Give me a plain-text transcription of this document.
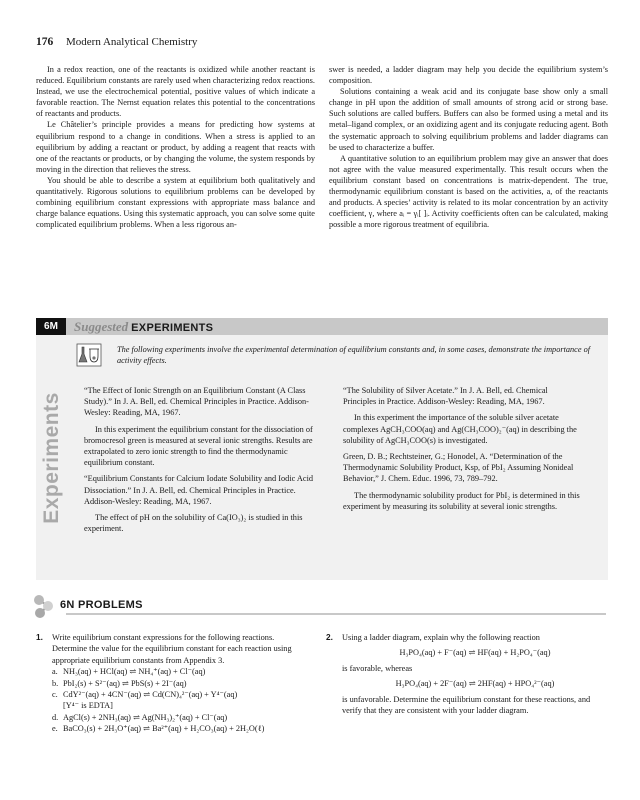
176 Modern Analytical Chemistry

In a redox reaction, one of the reactants is oxidized while another reactant is reduced. Equilibrium constants are rarely used when characterizing redox reactions. Instead, we use the electrochemical potential, positive values of which indicate a favorable reaction. The Nernst equation relates this potential to the concentrations of reactants and products.

Le Châtelier’s principle provides a means for predicting how systems at equilibrium respond to a change in conditions. When a stress is applied to an equilibrium by adding a reactant or product, by adding a reagent that reacts with one of the reactants or products, or by changing the volume, the system responds by moving in the direction that relieves the stress.

You should be able to describe a system at equilibrium both qualitatively and quantitatively. Rigorous solutions to equilibrium problems can be developed by combining equilibrium constant expressions with appropriate mass balance and charge balance equations. Using this systematic approach, you can solve some quite complicated equilibrium problems. When a less rigorous an-

swer is needed, a ladder diagram may help you decide the equilibrium system’s composition.

Solutions containing a weak acid and its conjugate base show only a small change in pH upon the addition of small amounts of strong acid or strong base. Such solutions are called buffers. Buffers can also be formed using a metal and its metal–ligand complex, or an oxidizing agent and its conjugate reducing agent. Both the systematic approach to solving equilibrium problems and ladder diagrams can be used to characterize a buffer.

A quantitative solution to an equilibrium problem may give an answer that does not agree with the value measured experimentally. This result occurs when the equilibrium constant based on concentrations is matrix-dependent. The true, thermodynamic equilibrium constant is based on the activities, a, of the reactants and products. A species’ activity is related to its molar concentration by an activity coefficient, γ, where aᵢ = γᵢ[ ]ᵢ. Activity coefficients often can be calculated, making possible a more rigorous treatment of equilibria.

6M	Suggested EXPERIMENTS
Experiments
The following experiments involve the experimental determination of equilibrium constants and, in some cases, demonstrate the importance of activity effects.

“The Effect of Ionic Strength on an Equilibrium Constant (A Class Study).” In J. A. Bell, ed. Chemical Principles in Practice. Addison-Wesley: Reading, MA, 1967.

In this experiment the equilibrium constant for the dissociation of bromocresol green is measured at several ionic strengths. Results are extrapolated to zero ionic strength to find the thermodynamic equilibrium constant.

“Equilibrium Constants for Calcium Iodate Solubility and Iodic Acid Dissociation.” In J. A. Bell, ed. Chemical Principles in Practice. Addison-Wesley: Reading, MA, 1967.

The effect of pH on the solubility of Ca(IO₃)₂ is studied in this experiment.

“The Solubility of Silver Acetate.” In J. A. Bell, ed. Chemical Principles in Practice. Addison-Wesley: Reading, MA, 1967.

In this experiment the importance of the soluble silver acetate complexes AgCH₃COO(aq) and Ag(CH₃COO)₂⁻(aq) in describing the solubility of AgCH₃COO(s) is investigated.

Green, D. B.; Rechtsteiner, G.; Honodel, A. “Determination of the Thermodynamic Solubility Product, Ksp, of PbI₂ Assuming Nonideal Behavior,” J. Chem. Educ. 1996, 73, 789–792.

The thermodynamic solubility product for PbI₂ is determined in this experiment by measuring its solubility at several ionic strengths.

6N PROBLEMS
1. Write equilibrium constant expressions for the following reactions. Determine the value for the equilibrium constant for each reaction using appropriate equilibrium constants from Appendix 3.
a. NH₃(aq) + HCl(aq) ⇌ NH₄⁺(aq) + Cl⁻(aq)
b. PbI₂(s) + S²⁻(aq) ⇌ PbS(s) + 2I⁻(aq)
c. CdY²⁻(aq) + 4CN⁻(aq) ⇌ Cd(CN)₄²⁻(aq) + Y⁴⁻(aq)
[Y⁴⁻ is EDTA]
d. AgCl(s) + 2NH₃(aq) ⇌ Ag(NH₃)₂⁺(aq) + Cl⁻(aq)
e. BaCO₃(s) + 2H₃O⁺(aq) ⇌ Ba²⁺(aq) + H₂CO₃(aq) + 2H₂O(ℓ)
2. Using a ladder diagram, explain why the following reaction
H₃PO₄(aq) + F⁻(aq) ⇌ HF(aq) + H₂PO₄⁻(aq)
is favorable, whereas
H₃PO₄(aq) + 2F⁻(aq) ⇌ 2HF(aq) + HPO₄²⁻(aq)
is unfavorable. Determine the equilibrium constant for these reactions, and verify that they are consistent with your ladder diagram.
